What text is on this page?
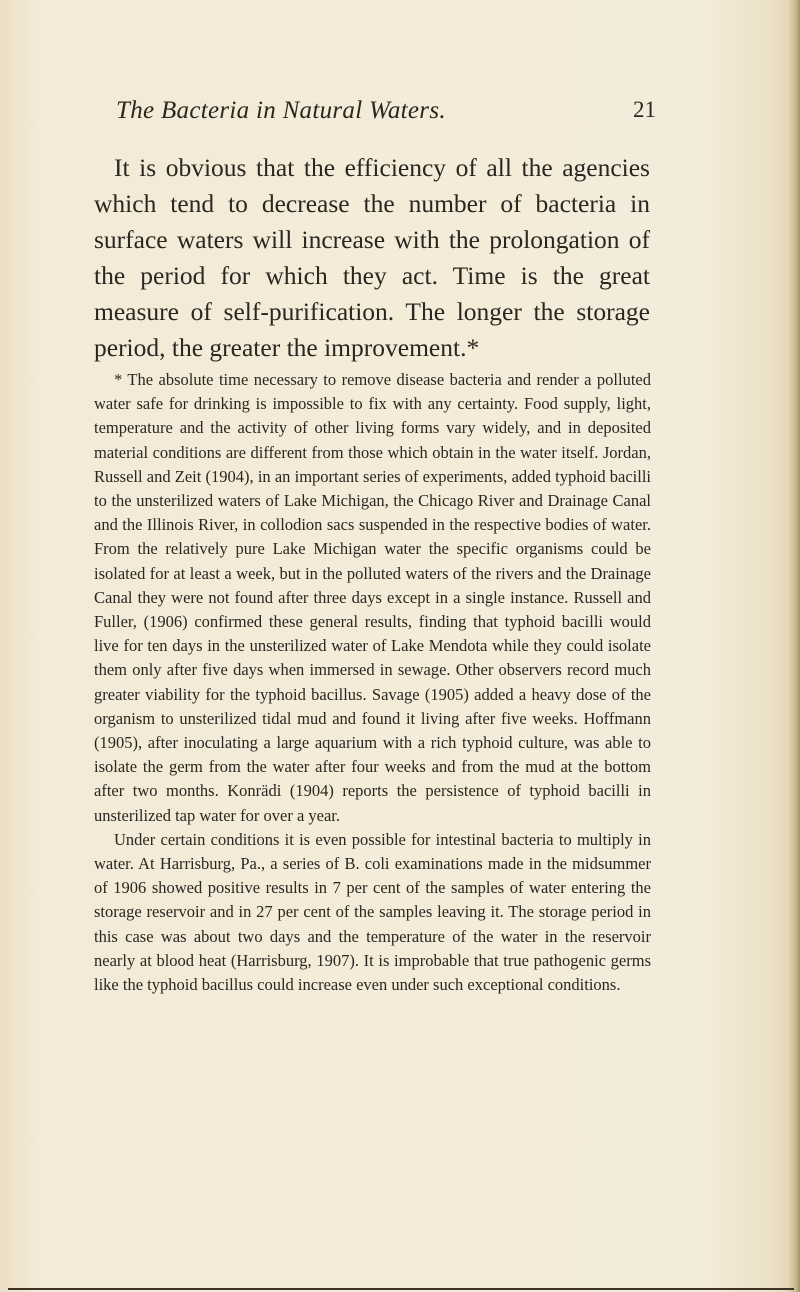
The Bacteria in Natural Waters.	21

It is obvious that the efficiency of all the agencies which tend to decrease the number of bacteria in surface waters will increase with the prolongation of the period for which they act. Time is the great measure of self-purification. The longer the storage period, the greater the improvement.*

* The absolute time necessary to remove disease bacteria and render a polluted water safe for drinking is impossible to fix with any certainty. Food supply, light, temperature and the activity of other living forms vary widely, and in deposited material conditions are different from those which obtain in the water itself. Jordan, Russell and Zeit (1904), in an important series of experiments, added typhoid bacilli to the unsterilized waters of Lake Michigan, the Chicago River and Drainage Canal and the Illinois River, in collodion sacs suspended in the respective bodies of water. From the relatively pure Lake Michigan water the specific organisms could be isolated for at least a week, but in the polluted waters of the rivers and the Drainage Canal they were not found after three days except in a single instance. Russell and Fuller, (1906) confirmed these general results, finding that typhoid bacilli would live for ten days in the unsterilized water of Lake Mendota while they could isolate them only after five days when immersed in sewage. Other observers record much greater viability for the typhoid bacillus. Savage (1905) added a heavy dose of the organism to unsterilized tidal mud and found it living after five weeks. Hoffmann (1905), after inoculating a large aquarium with a rich typhoid culture, was able to isolate the germ from the water after four weeks and from the mud at the bottom after two months. Konrädi (1904) reports the persistence of typhoid bacilli in unsterilized tap water for over a year.

Under certain conditions it is even possible for intestinal bacteria to multiply in water. At Harrisburg, Pa., a series of B. coli examinations made in the midsummer of 1906 showed positive results in 7 per cent of the samples of water entering the storage reservoir and in 27 per cent of the samples leaving it. The storage period in this case was about two days and the temperature of the water in the reservoir nearly at blood heat (Harrisburg, 1907). It is improbable that true pathogenic germs like the typhoid bacillus could increase even under such exceptional conditions.
